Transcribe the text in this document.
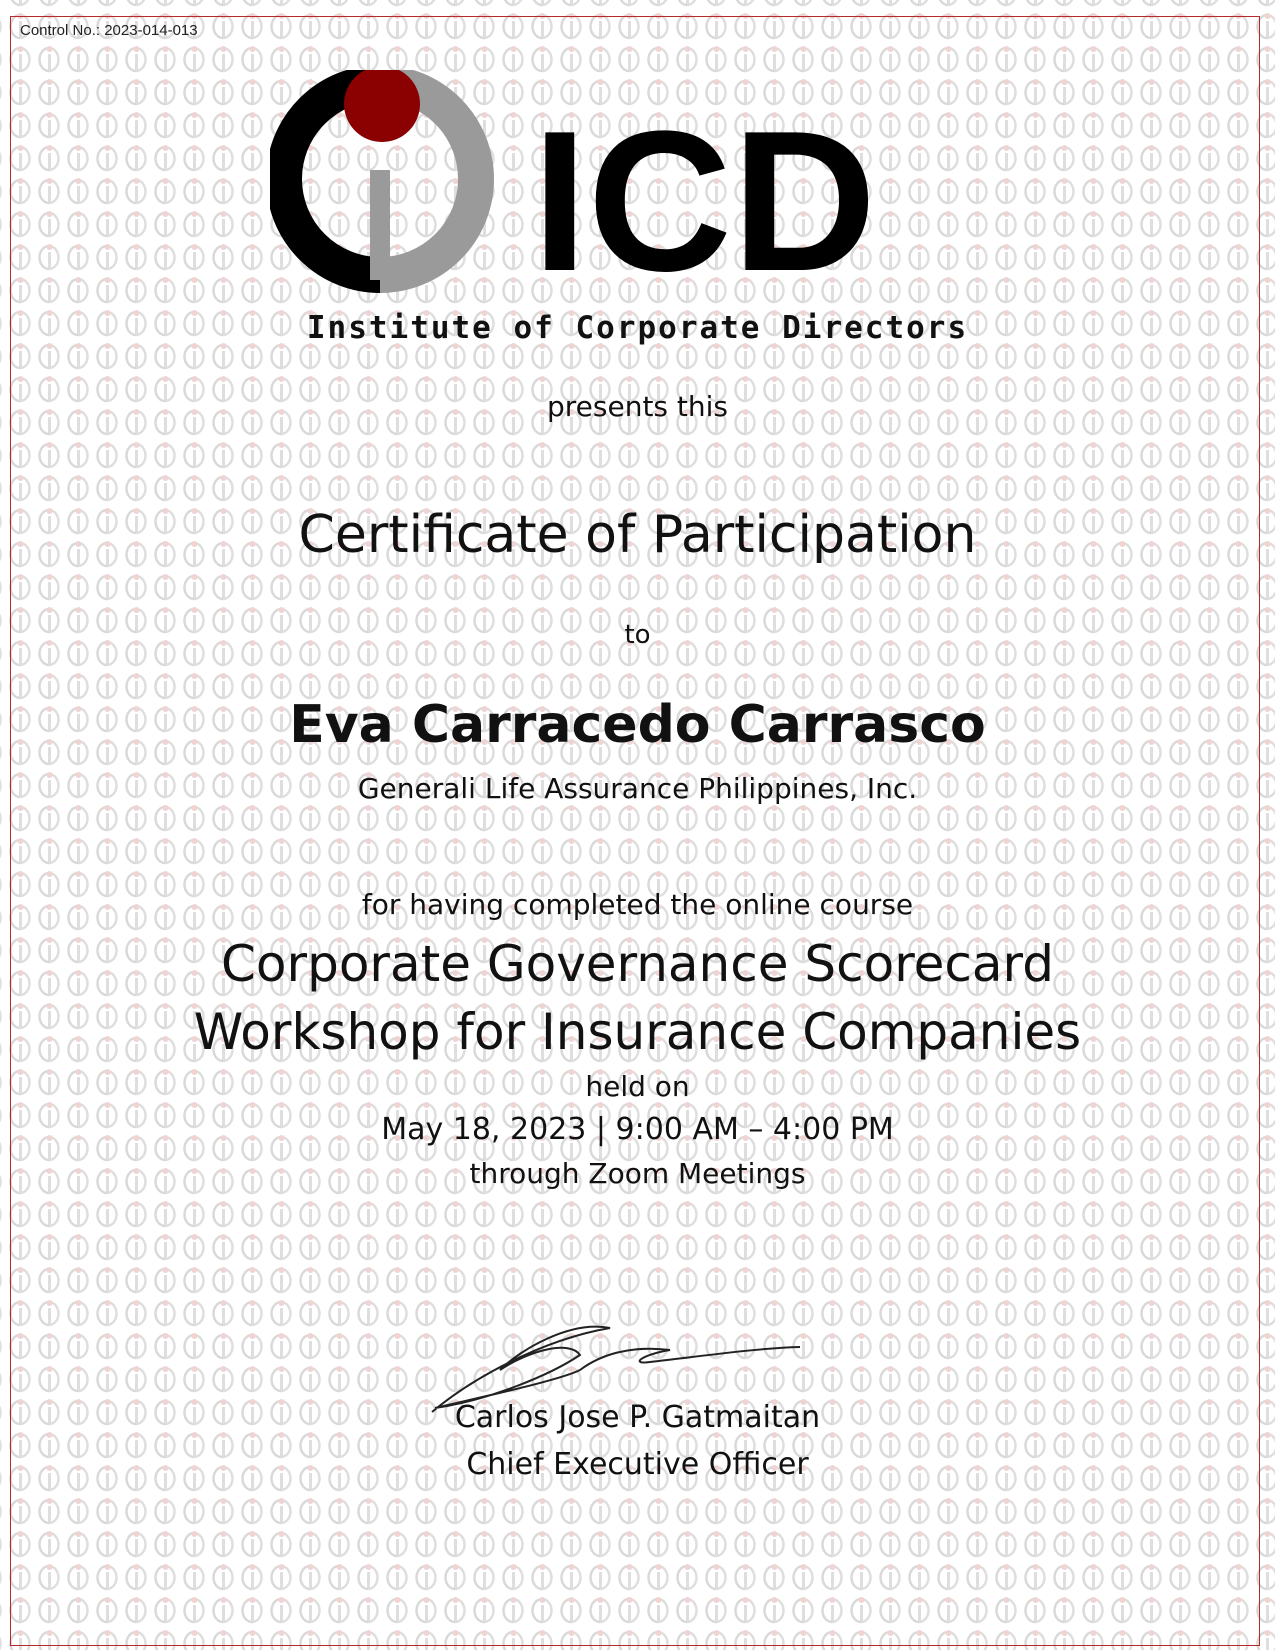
Control No.: 2023-014-013
ICD
Institute of Corporate Directors
presents this
Certificate of Participation
to
Eva Carracedo Carrasco
Generali Life Assurance Philippines, Inc.
for having completed the online course
Corporate Governance Scorecard
Workshop for Insurance Companies
held on
May 18, 2023 | 9:00 AM – 4:00 PM
through Zoom Meetings
Carlos Jose P. Gatmaitan
Chief Executive Officer
